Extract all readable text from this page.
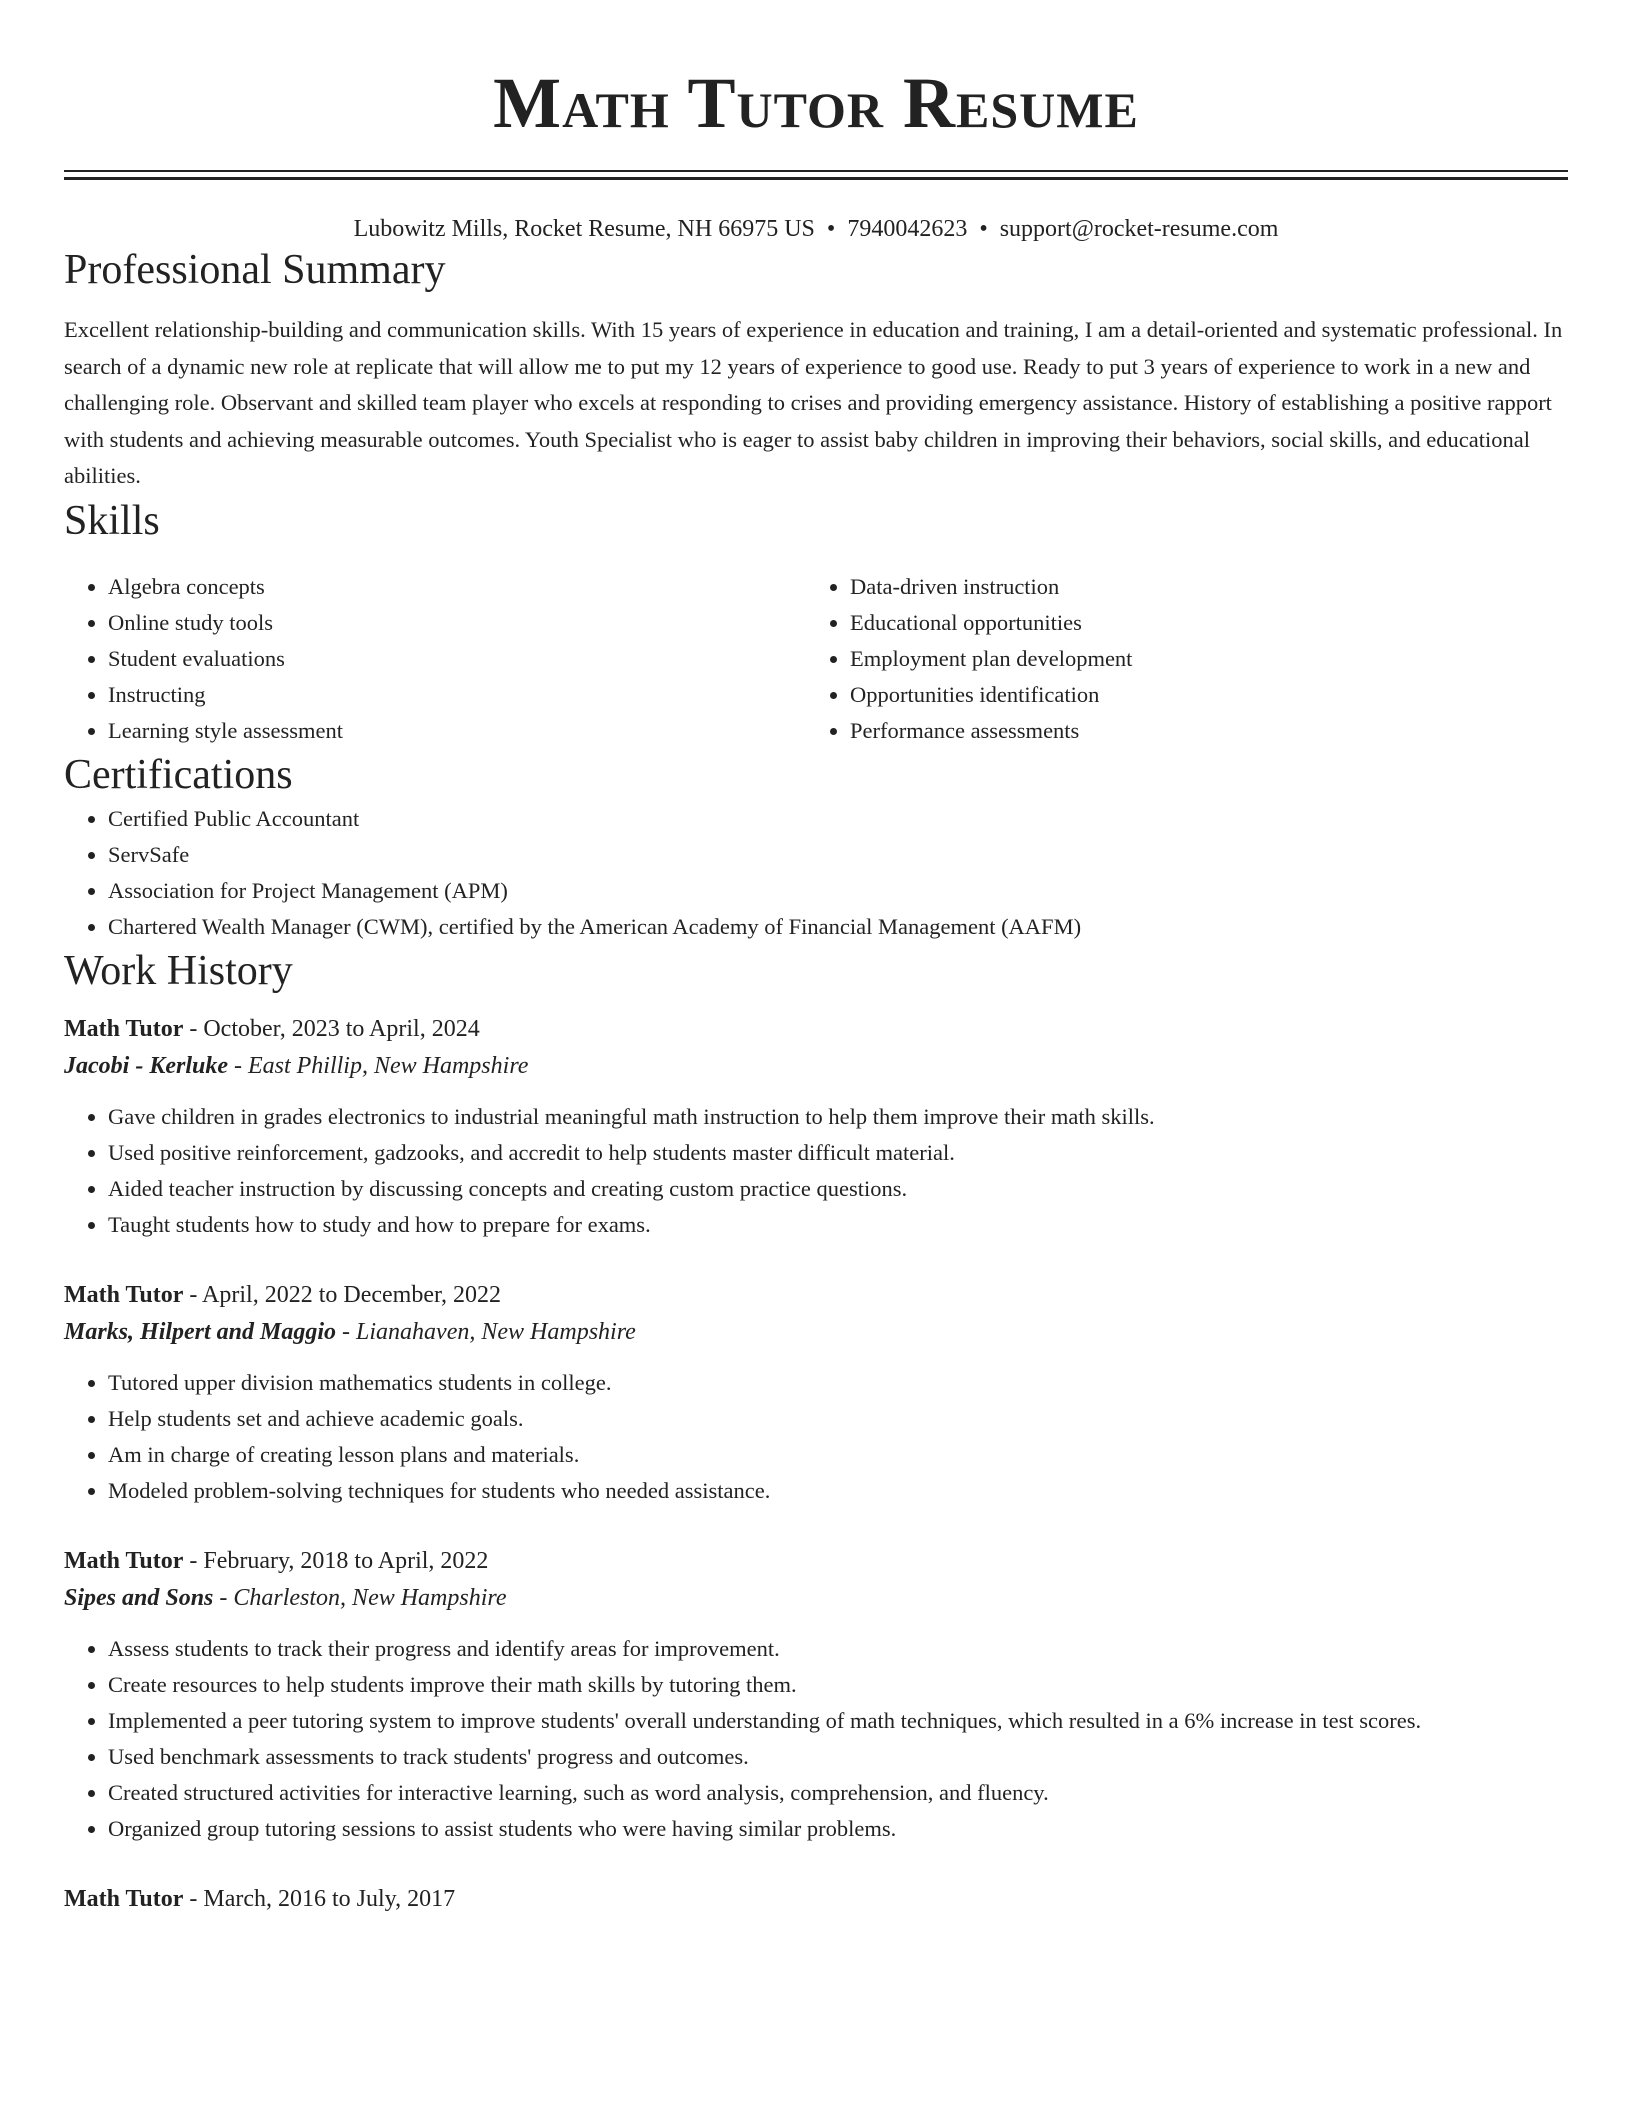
Math Tutor Resume
Lubowitz Mills, Rocket Resume, NH 66975 US • 7940042623 • support@rocket-resume.com
Professional Summary
Excellent relationship-building and communication skills. With 15 years of experience in education and training, I am a detail-oriented and systematic professional. In search of a dynamic new role at replicate that will allow me to put my 12 years of experience to good use. Ready to put 3 years of experience to work in a new and challenging role. Observant and skilled team player who excels at responding to crises and providing emergency assistance. History of establishing a positive rapport with students and achieving measurable outcomes. Youth Specialist who is eager to assist baby children in improving their behaviors, social skills, and educational abilities.
Skills
• Algebra concepts
• Online study tools
• Student evaluations
• Instructing
• Learning style assessment
• Data-driven instruction
• Educational opportunities
• Employment plan development
• Opportunities identification
• Performance assessments
Certifications
• Certified Public Accountant
• ServSafe
• Association for Project Management (APM)
• Chartered Wealth Manager (CWM), certified by the American Academy of Financial Management (AAFM)
Work History
Math Tutor - October, 2023 to April, 2024
Jacobi - Kerluke - East Phillip, New Hampshire
• Gave children in grades electronics to industrial meaningful math instruction to help them improve their math skills.
• Used positive reinforcement, gadzooks, and accredit to help students master difficult material.
• Aided teacher instruction by discussing concepts and creating custom practice questions.
• Taught students how to study and how to prepare for exams.
Math Tutor - April, 2022 to December, 2022
Marks, Hilpert and Maggio - Lianahaven, New Hampshire
• Tutored upper division mathematics students in college.
• Help students set and achieve academic goals.
• Am in charge of creating lesson plans and materials.
• Modeled problem-solving techniques for students who needed assistance.
Math Tutor - February, 2018 to April, 2022
Sipes and Sons - Charleston, New Hampshire
• Assess students to track their progress and identify areas for improvement.
• Create resources to help students improve their math skills by tutoring them.
• Implemented a peer tutoring system to improve students' overall understanding of math techniques, which resulted in a 6% increase in test scores.
• Used benchmark assessments to track students' progress and outcomes.
• Created structured activities for interactive learning, such as word analysis, comprehension, and fluency.
• Organized group tutoring sessions to assist students who were having similar problems.
Math Tutor - March, 2016 to July, 2017
